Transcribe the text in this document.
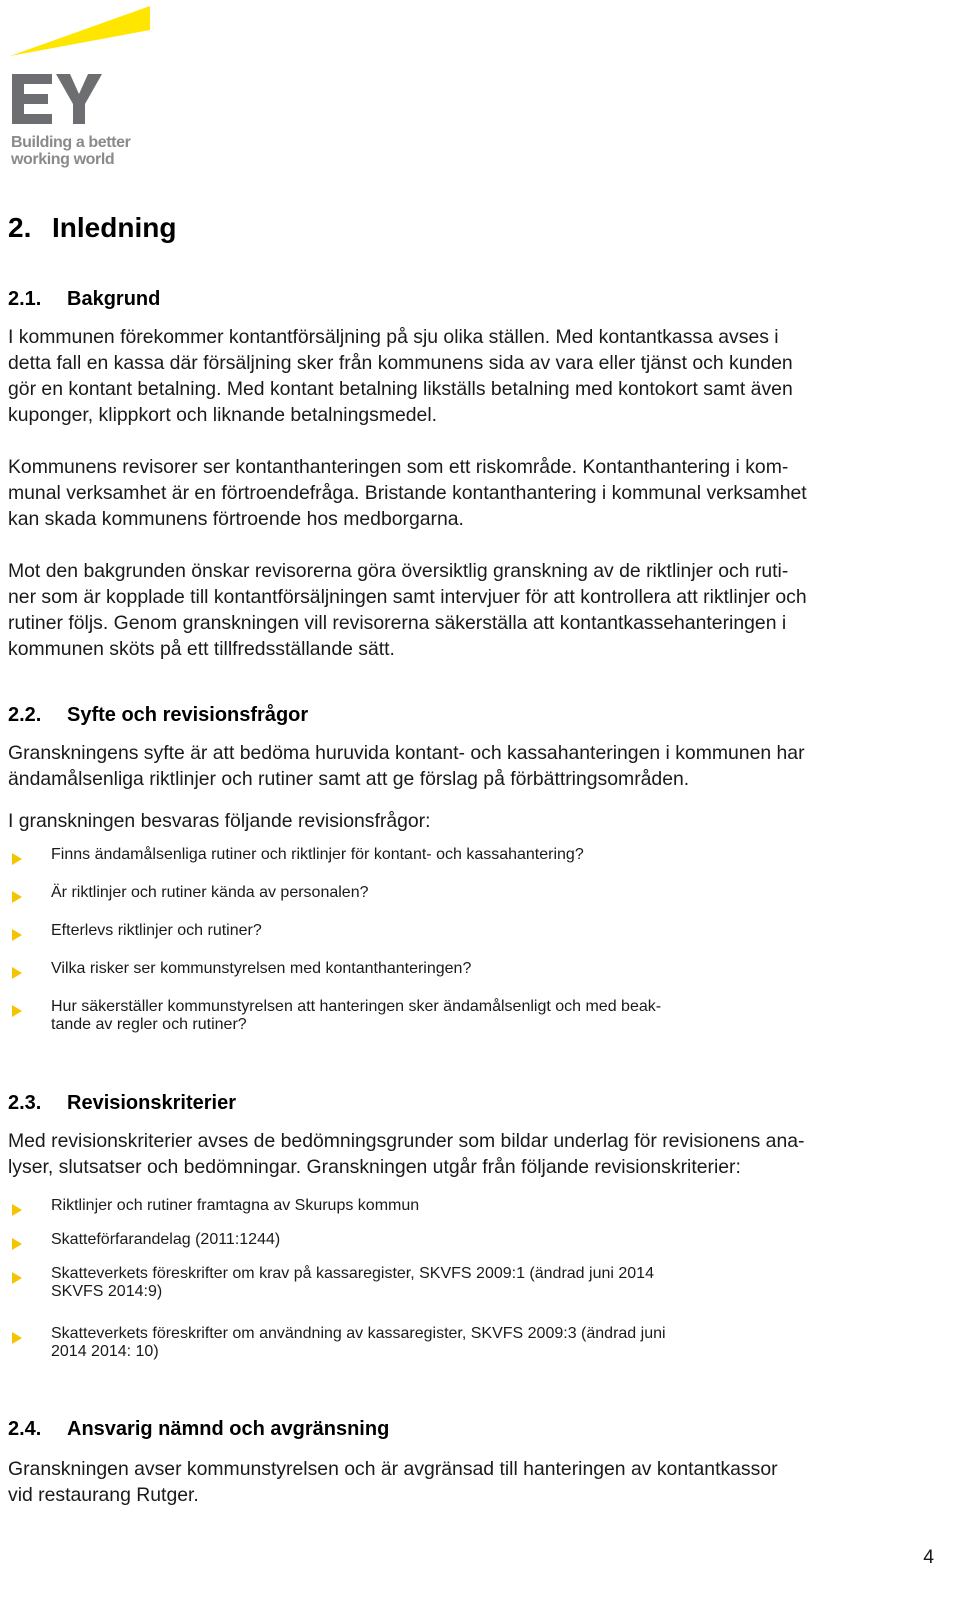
Building a better
working world
2. Inledning
2.1. Bakgrund
I kommunen förekommer kontantförsäljning på sju olika ställen. Med kontantkassa avses i
detta fall en kassa där försäljning sker från kommunens sida av vara eller tjänst och kunden
gör en kontant betalning. Med kontant betalning likställs betalning med kontokort samt även
kuponger, klippkort och liknande betalningsmedel.
Kommunens revisorer ser kontanthanteringen som ett riskområde. Kontanthantering i kom-
munal verksamhet är en förtroendefråga. Bristande kontanthantering i kommunal verksamhet
kan skada kommunens förtroende hos medborgarna.
Mot den bakgrunden önskar revisorerna göra översiktlig granskning av de riktlinjer och ruti-
ner som är kopplade till kontantförsäljningen samt intervjuer för att kontrollera att riktlinjer och
rutiner följs. Genom granskningen vill revisorerna säkerställa att kontantkassehanteringen i
kommunen sköts på ett tillfredsställande sätt.
2.2. Syfte och revisionsfrågor
Granskningens syfte är att bedöma huruvida kontant- och kassahanteringen i kommunen har
ändamålsenliga riktlinjer och rutiner samt att ge förslag på förbättringsområden.
I granskningen besvaras följande revisionsfrågor:
Finns ändamålsenliga rutiner och riktlinjer för kontant- och kassahantering?
Är riktlinjer och rutiner kända av personalen?
Efterlevs riktlinjer och rutiner?
Vilka risker ser kommunstyrelsen med kontanthanteringen?
Hur säkerställer kommunstyrelsen att hanteringen sker ändamålsenligt och med beak-
tande av regler och rutiner?
2.3. Revisionskriterier
Med revisionskriterier avses de bedömningsgrunder som bildar underlag för revisionens ana-
lyser, slutsatser och bedömningar. Granskningen utgår från följande revisionskriterier:
Riktlinjer och rutiner framtagna av Skurups kommun
Skatteförfarandelag (2011:1244)
Skatteverkets föreskrifter om krav på kassaregister, SKVFS 2009:1 (ändrad juni 2014
SKVFS 2014:9)
Skatteverkets föreskrifter om användning av kassaregister, SKVFS 2009:3 (ändrad juni
2014 2014: 10)
2.4. Ansvarig nämnd och avgränsning
Granskningen avser kommunstyrelsen och är avgränsad till hanteringen av kontantkassor
vid restaurang Rutger.
4
